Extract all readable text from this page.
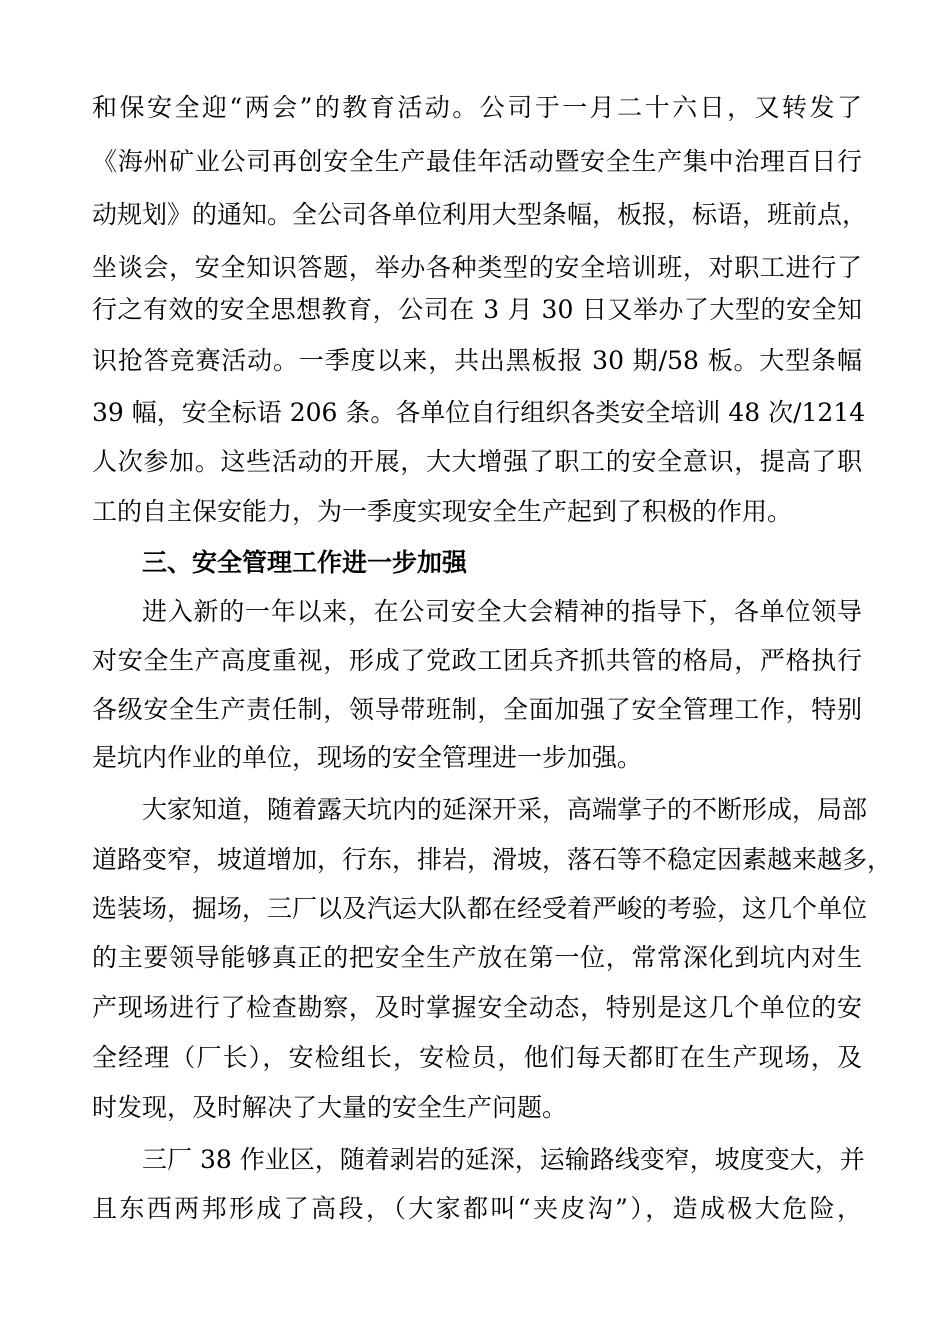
和保安全迎“两会”的教育活动。公司于一月二十六日，又转发了
《海州矿业公司再创安全生产最佳年活动暨安全生产集中治理百日行
动规划》的通知。全公司各单位利用大型条幅，板报，标语，班前点，
坐谈会，安全知识答题，举办各种类型的安全培训班，对职工进行了
行之有效的安全思想教育，公司在 3 月 30 日又举办了大型的安全知
识抢答竞赛活动。一季度以来，共出黑板报 30 期/58 板。大型条幅
39 幅，安全标语 206 条。各单位自行组织各类安全培训 48 次/1214
人次参加。这些活动的开展，大大增强了职工的安全意识，提高了职
工的自主保安能力，为一季度实现安全生产起到了积极的作用。
三、安全管理工作进一步加强
进入新的一年以来，在公司安全大会精神的指导下，各单位领导
对安全生产高度重视，形成了党政工团兵齐抓共管的格局，严格执行
各级安全生产责任制，领导带班制，全面加强了安全管理工作，特别
是坑内作业的单位，现场的安全管理进一步加强。
大家知道，随着露天坑内的延深开采，高端掌子的不断形成，局部
道路变窄，坡道增加，行东，排岩，滑坡，落石等不稳定因素越来越多，
选装场，掘场，三厂以及汽运大队都在经受着严峻的考验，这几个单位
的主要领导能够真正的把安全生产放在第一位，常常深化到坑内对生
产现场进行了检查勘察，及时掌握安全动态，特别是这几个单位的安
全经理（厂长），安检组长，安检员，他们每天都盯在生产现场，及
时发现，及时解决了大量的安全生产问题。
三厂 38 作业区，随着剥岩的延深，运输路线变窄，坡度变大，并
且东西两邦形成了高段，（大家都叫“夹皮沟”），造成极大危险，
